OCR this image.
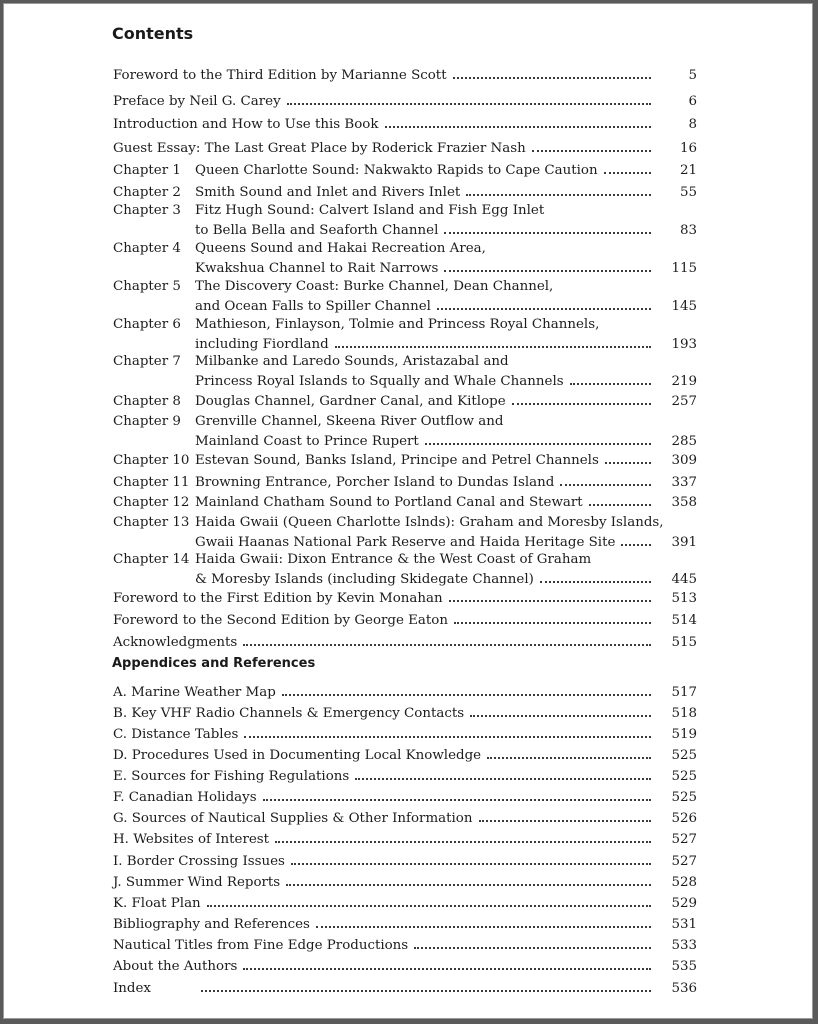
Contents
Foreword to the Third Edition by Marianne Scott	5
Preface by Neil G. Carey	6
Introduction and How to Use this Book	8
Guest Essay: The Last Great Place by Roderick Frazier Nash	16
Chapter 1	Queen Charlotte Sound: Nakwakto Rapids to Cape Caution	21
Chapter 2	Smith Sound and Inlet and Rivers Inlet	55
Chapter 3	Fitz Hugh Sound: Calvert Island and Fish Egg Inlet
to Bella Bella and Seaforth Channel	83
Chapter 4	Queens Sound and Hakai Recreation Area,
Kwakshua Channel to Rait Narrows	115
Chapter 5	The Discovery Coast: Burke Channel, Dean Channel,
and Ocean Falls to Spiller Channel	145
Chapter 6	Mathieson, Finlayson, Tolmie and Princess Royal Channels,
including Fiordland	193
Chapter 7	Milbanke and Laredo Sounds, Aristazabal and
Princess Royal Islands to Squally and Whale Channels	219
Chapter 8	Douglas Channel, Gardner Canal, and Kitlope	257
Chapter 9	Grenville Channel, Skeena River Outflow and
Mainland Coast to Prince Rupert	285
Chapter 10 Estevan Sound, Banks Island, Principe and Petrel Channels	309
Chapter 11 Browning Entrance, Porcher Island to Dundas Island	337
Chapter 12 Mainland Chatham Sound to Portland Canal and Stewart	358
Chapter 13 Haida Gwaii (Queen Charlotte Islnds): Graham and Moresby Islands,
Gwaii Haanas National Park Reserve and Haida Heritage Site	391
Chapter 14 Haida Gwaii: Dixon Entrance & the West Coast of Graham
& Moresby Islands (including Skidegate Channel)	445
Foreword to the First Edition by Kevin Monahan	513
Foreword to the Second Edition by George Eaton	514
Acknowledgments	515
Appendices and References
A. Marine Weather Map	517
B. Key VHF Radio Channels & Emergency Contacts	518
C. Distance Tables	519
D. Procedures Used in Documenting Local Knowledge	525
E. Sources for Fishing Regulations	525
F. Canadian Holidays	525
G. Sources of Nautical Supplies & Other Information	526
H. Websites of Interest	527
I. Border Crossing Issues	527
J. Summer Wind Reports	528
K. Float Plan	529
Bibliography and References	531
Nautical Titles from Fine Edge Productions	533
About the Authors	535
Index	536
